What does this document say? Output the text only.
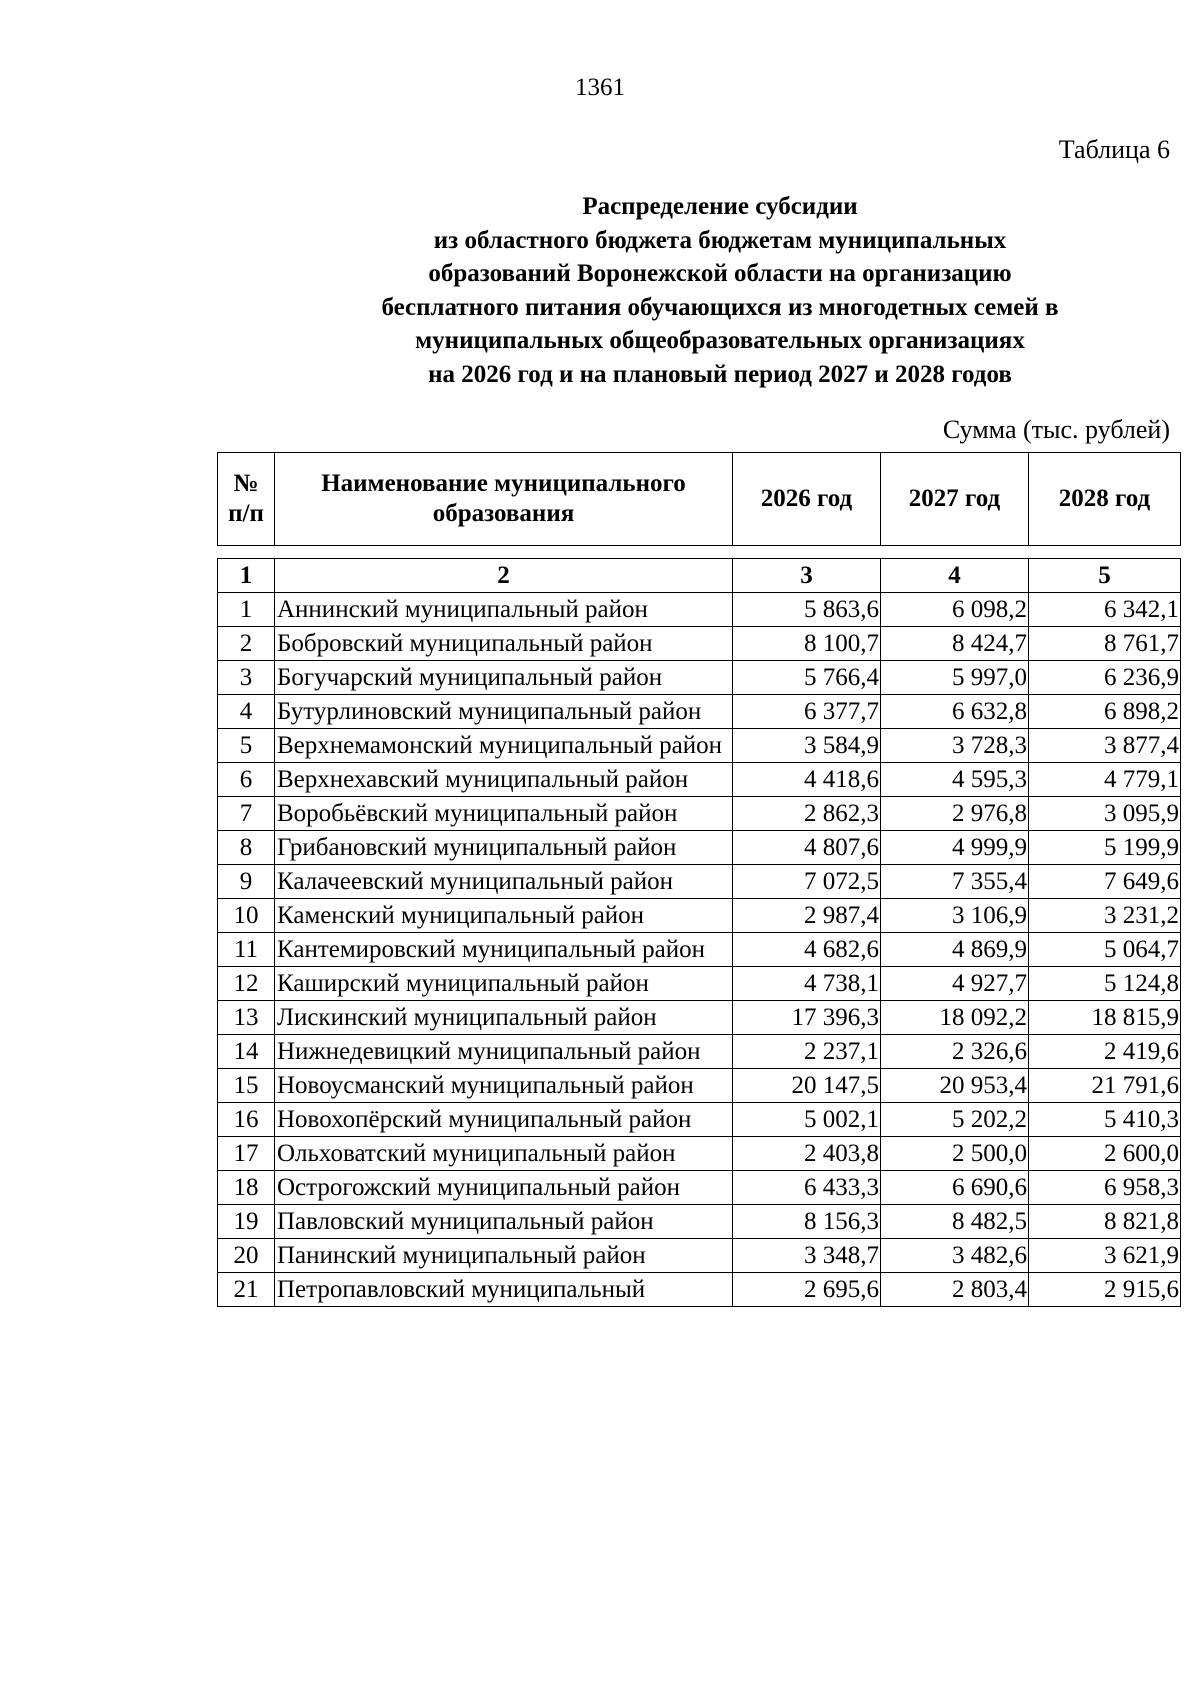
1361
Таблица 6
Распределение субсидии
из областного бюджета бюджетам муниципальных
образований Воронежской области на организацию
бесплатного питания обучающихся из многодетных семей в
муниципальных общеобразовательных организациях
на 2026 год и на плановый период 2027 и 2028 годов
Сумма (тыс. рублей)
№ п/п	Наименование муниципального образования	2026 год	2027 год	2028 год
1	2	3	4	5
1	Аннинский муниципальный район	5 863,6	6 098,2	6 342,1
2	Бобровский муниципальный район	8 100,7	8 424,7	8 761,7
3	Богучарский муниципальный район	5 766,4	5 997,0	6 236,9
4	Бутурлиновский муниципальный район	6 377,7	6 632,8	6 898,2
5	Верхнемамонский муниципальный район	3 584,9	3 728,3	3 877,4
6	Верхнехавский муниципальный район	4 418,6	4 595,3	4 779,1
7	Воробьёвский муниципальный район	2 862,3	2 976,8	3 095,9
8	Грибановский муниципальный район	4 807,6	4 999,9	5 199,9
9	Калачеевский муниципальный район	7 072,5	7 355,4	7 649,6
10	Каменский муниципальный район	2 987,4	3 106,9	3 231,2
11	Кантемировский муниципальный район	4 682,6	4 869,9	5 064,7
12	Каширский муниципальный район	4 738,1	4 927,7	5 124,8
13	Лискинский муниципальный район	17 396,3	18 092,2	18 815,9
14	Нижнедевицкий муниципальный район	2 237,1	2 326,6	2 419,6
15	Новоусманский муниципальный район	20 147,5	20 953,4	21 791,6
16	Новохопёрский муниципальный район	5 002,1	5 202,2	5 410,3
17	Ольховатский муниципальный район	2 403,8	2 500,0	2 600,0
18	Острогожский муниципальный район	6 433,3	6 690,6	6 958,3
19	Павловский муниципальный район	8 156,3	8 482,5	8 821,8
20	Панинский муниципальный район	3 348,7	3 482,6	3 621,9
21	Петропавловский муниципальный	2 695,6	2 803,4	2 915,6
